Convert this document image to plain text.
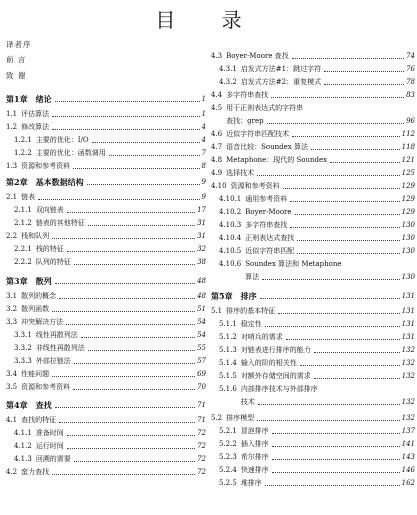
目 录
译者序
前 言
致 谢
第1章 绪论	1
1.1 评估算法	1
1.2 修改算法	4
1.2.1 主要的优化：I/O	4
1.2.2 主要的优化：函数调用	7
1.3 资源和参考资料	8
第2章 基本数据结构	9
2.1 链表	9
2.1.1 双向链表	17
2.1.2 链表的其他特征	31
2.2 栈和队列	31
2.2.1 栈的特征	32
2.2.2 队列的特征	38
第3章 散列	48
3.1 散列的概念	48
3.2 散列函数	51
3.3 冲突解决方法	54
3.3.1 线性再散列法	54
3.3.2 非线性再散列法	55
3.3.3 外部拉链法	57
3.4 性能问题	69
3.5 资源和参考资料	70
第4章 查找	71
4.1 查找的特征	71
4.1.1 准备时间	72
4.1.2 运行时间	72
4.1.3 回溯的需要	72
4.2 蛮力查找	72
4.3 Boyer-Moore 查找	74
4.3.1 启发式方法#1：跳过字符	76
4.3.2 启发式方法#2：重复模式	78
4.4 多字符串查找	83
4.5 用于正则表达式的字符串
查找：grep	96
4.6 近似字符串匹配技术	112
4.7 语音比较：Soundex 算法	118
4.8 Metaphone：现代的 Soundex	121
4.9 选择技术	125
4.10 资源和参考资料	129
4.10.1 通用参考资料	129
4.10.2 Boyer-Moore	129
4.10.3 多字符串查找	130
4.10.4 正则表达式查找	130
4.10.5 近似字符串匹配	130
4.10.6 Soundex 算法和 Metaphone
算法	130
第5章 排序	131
5.1 排序的基本特征	131
5.1.1 稳定性	131
5.1.2 对哨兵的需求	131
5.1.3 对链表进行排序的能力	132
5.1.4 输入的阶的相关性	132
5.1.5 对额外存储空间的需求	132
5.1.6 内部排序技术与外部排序
技术	132
5.2 排序模型	132
5.2.1 冒泡排序	137
5.2.2 插入排序	141
5.2.3 希尔排序	143
5.2.4 快速排序	146
5.2.5 堆排序	162
